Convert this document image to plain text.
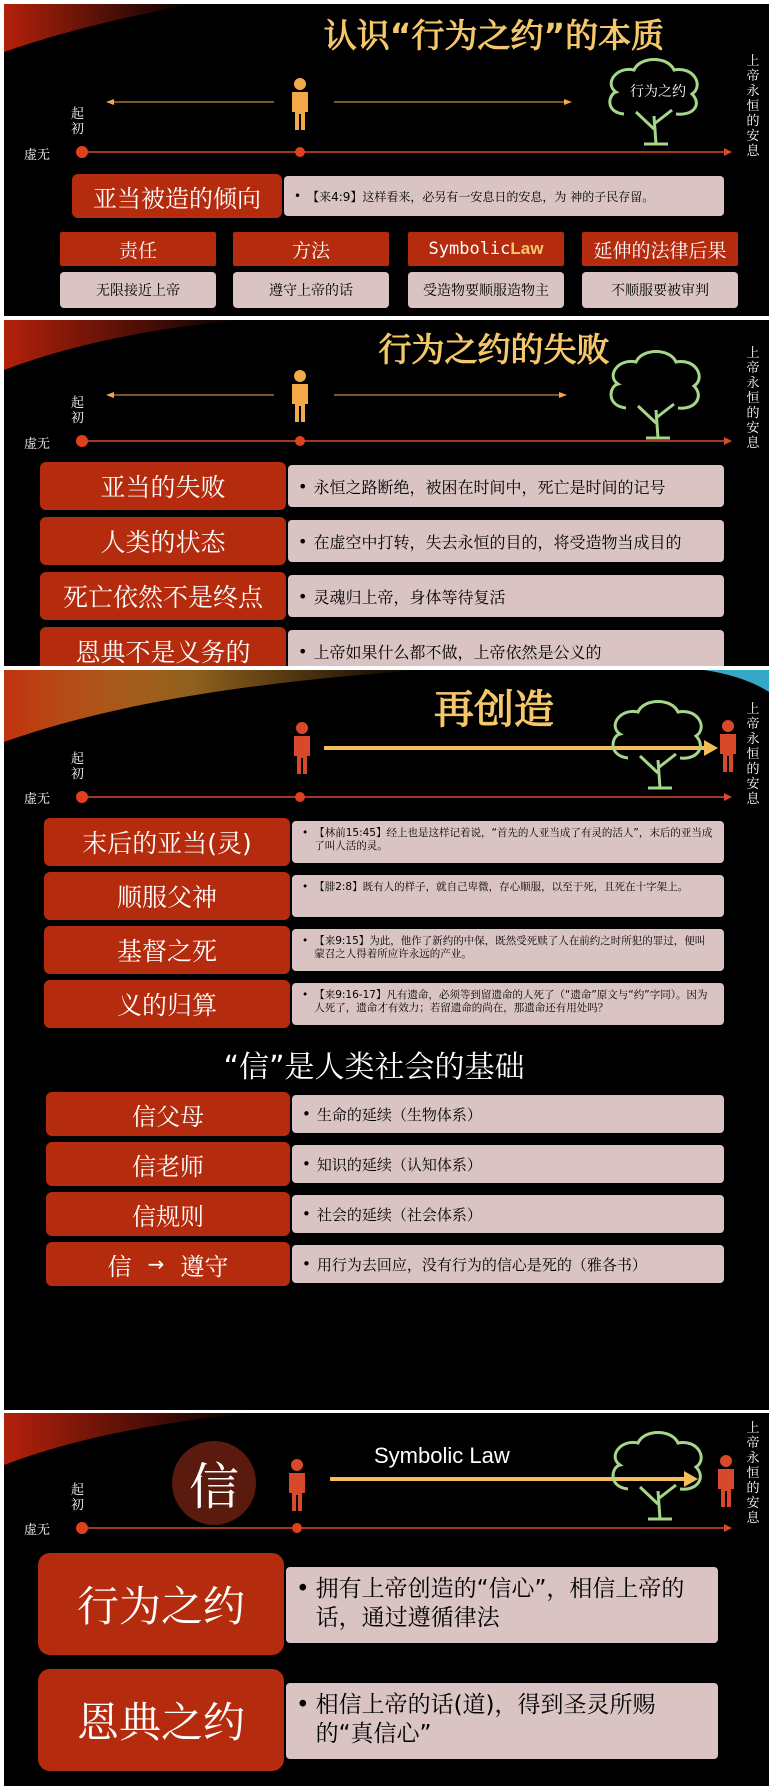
认识“行为之约”的本质
上帝永恒的安息
起初
虚无
行为之约
亚当被造的倾向	• 【来4:9】这样看来，必另有一安息日的安息，为 神的子民存留。
责任	方法	Symbolic Law	延伸的法律后果
无限接近上帝	遵守上帝的话	受造物要顺服造物主	不顺服要被审判
行为之约的失败	上帝永恒的安息
起初
虚无
亚当的失败	• 永恒之路断绝，被困在时间中，死亡是时间的记号
人类的状态	• 在虚空中打转，失去永恒的目的，将受造物当成目的
死亡依然不是终点	• 灵魂归上帝，身体等待复活
恩典不是义务的	• 上帝如果什么都不做，上帝依然是公义的
再创造	上帝永恒的安息
起初
虚无
末后的亚当(灵)	• 【林前15:45】经上也是这样记着说，“首先的人亚当成了有灵的活人”，末后的亚当成了叫人活的灵。
顺服父神	• 【腓2:8】既有人的样子，就自己卑微，存心顺服，以至于死，且死在十字架上。
基督之死	• 【来9:15】为此，他作了新约的中保，既然受死赎了人在前约之时所犯的罪过，便叫蒙召之人得着所应许永远的产业。
义的归算	• 【来9:16-17】凡有遗命，必须等到留遗命的人死了（“遗命”原文与“约”字同）。因为人死了，遗命才有效力；若留遗命的尚在，那遗命还有用处吗？
“信”是人类社会的基础
信父母	• 生命的延续（生物体系）
信老师	• 知识的延续（认知体系）
信规则	• 社会的延续（社会体系）
信 → 遵守	• 用行为去回应，没有行为的信心是死的（雅各书）
信
上帝永恒的安息
起初
虚无
Symbolic Law
行为之约	• 拥有上帝创造的“信心”，相信上帝的话，通过遵循律法
恩典之约	• 相信上帝的话(道)，得到圣灵所赐的“真信心”
